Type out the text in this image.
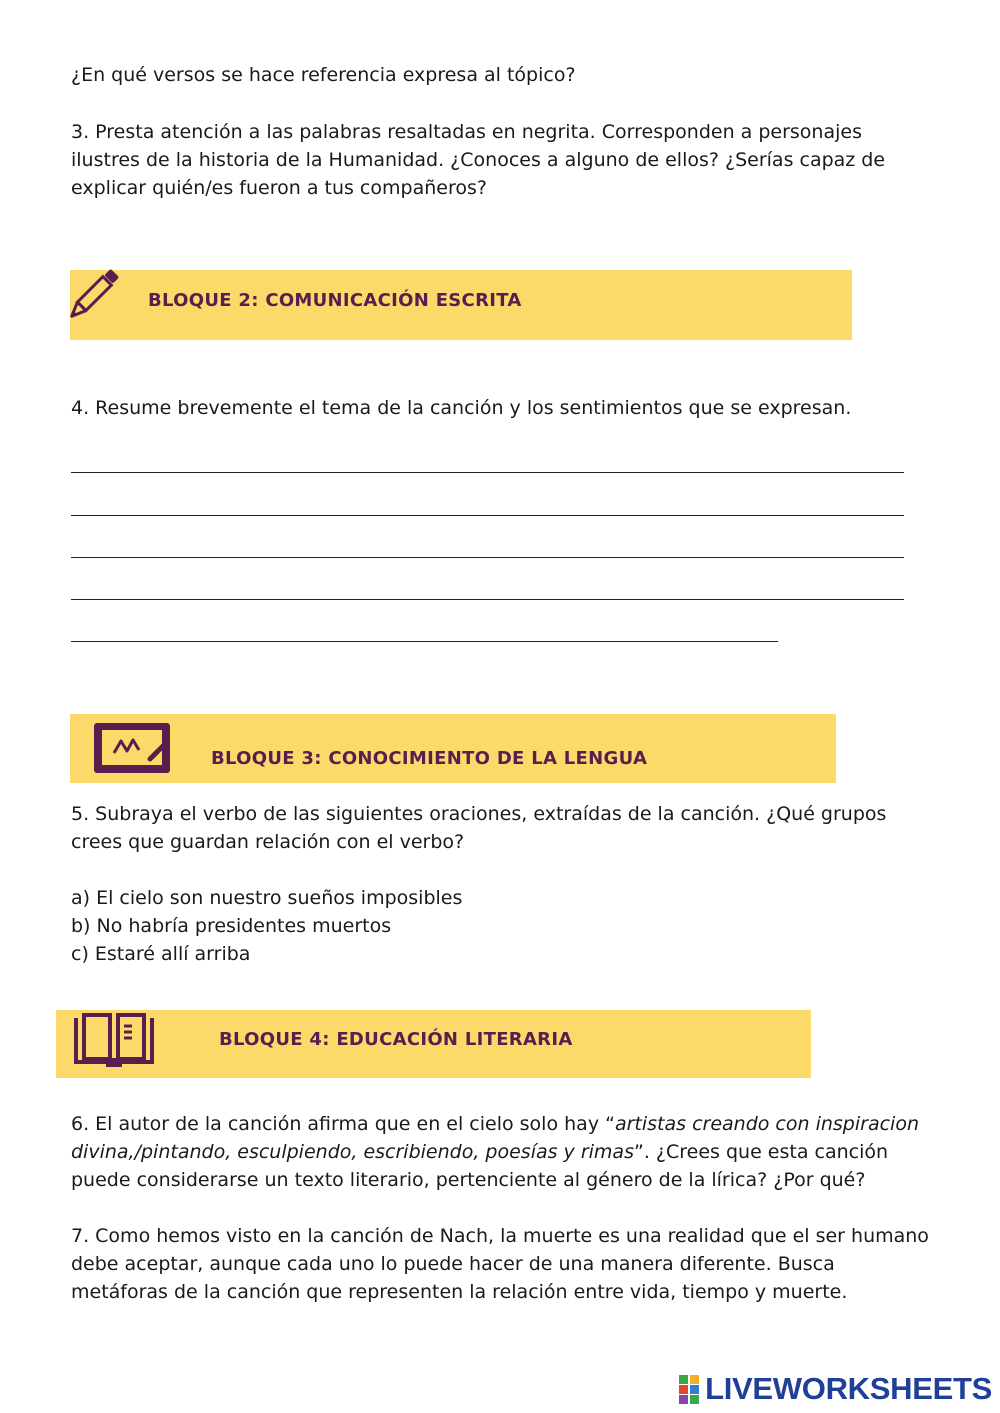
¿En qué versos se hace referencia expresa al tópico?

3. Presta atención a las palabras resaltadas en negrita. Corresponden a personajes ilustres de la historia de la Humanidad. ¿Conoces a alguno de ellos? ¿Serías capaz de explicar quién/es fueron a tus compañeros?

BLOQUE 2: COMUNICACIÓN ESCRITA

4. Resume brevemente el tema de la canción y los sentimientos que se expresan.

BLOQUE 3: CONOCIMIENTO DE LA LENGUA

5. Subraya el verbo de las siguientes oraciones, extraídas de la canción. ¿Qué grupos crees que guardan relación con el verbo?

a) El cielo son nuestro sueños imposibles

b) No habría presidentes muertos

c) Estaré allí arriba

BLOQUE 4: EDUCACIÓN LITERARIA

6. El autor de la canción afirma que en el cielo solo hay “artistas creando con inspiracion divina,/pintando, esculpiendo, escribiendo, poesías y rimas”. ¿Crees que esta canción puede considerarse un texto literario, pertenciente al género de la lírica? ¿Por qué?

7. Como hemos visto en la canción de Nach, la muerte es una realidad que el ser humano debe aceptar, aunque cada uno lo puede hacer de una manera diferente. Busca metáforas de la canción que representen la relación entre vida, tiempo y muerte.

LIVEWORKSHEETS
